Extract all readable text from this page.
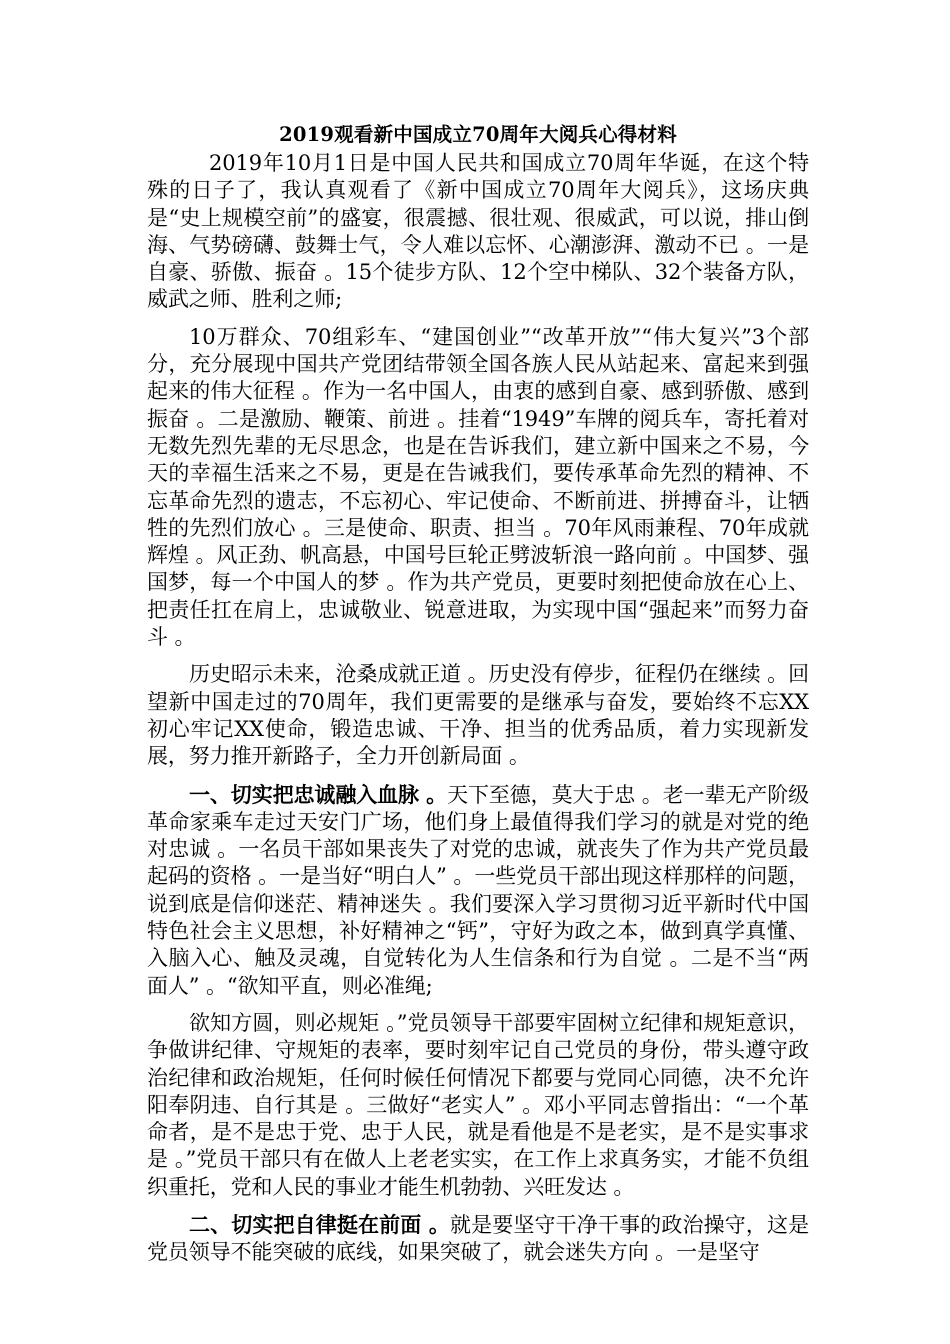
2019观看新中国成立70周年大阅兵心得材料

2019年10月1日是中国人民共和国成立70周年华诞，在这个特殊的日子了，我认真观看了《新中国成立70周年大阅兵》，这场庆典是“史上规模空前”的盛宴，很震撼、很壮观、很威武，可以说，排山倒海、气势磅礴、鼓舞士气，令人难以忘怀、心潮澎湃、激动不已 。一是自豪、骄傲、振奋 。15个徒步方队、12个空中梯队、32个装备方队，威武之师、胜利之师;

10万群众、70组彩车、“建国创业”“改革开放”“伟大复兴”3个部分，充分展现中国共产党团结带领全国各族人民从站起来、富起来到强起来的伟大征程 。作为一名中国人，由衷的感到自豪、感到骄傲、感到振奋 。二是激励、鞭策、前进 。挂着“1949”车牌的阅兵车，寄托着对无数先烈先辈的无尽思念，也是在告诉我们，建立新中国来之不易，今天的幸福生活来之不易，更是在告诫我们，要传承革命先烈的精神、不忘革命先烈的遗志，不忘初心、牢记使命、不断前进、拼搏奋斗，让牺牲的先烈们放心 。三是使命、职责、担当 。70年风雨兼程、70年成就辉煌 。风正劲、帆高悬，中国号巨轮正劈波斩浪一路向前 。中国梦、强国梦，每一个中国人的梦 。作为共产党员，更要时刻把使命放在心上、把责任扛在肩上，忠诚敬业、锐意进取，为实现中国“强起来”而努力奋斗 。

历史昭示未来，沧桑成就正道 。历史没有停步，征程仍在继续 。回望新中国走过的70周年，我们更需要的是继承与奋发，要始终不忘XX初心牢记XX使命，锻造忠诚、干净、担当的优秀品质，着力实现新发展，努力推开新路子，全力开创新局面 。

一、切实把忠诚融入血脉 。天下至德，莫大于忠 。老一辈无产阶级革命家乘车走过天安门广场，他们身上最值得我们学习的就是对党的绝对忠诚 。一名员干部如果丧失了对党的忠诚，就丧失了作为共产党员最起码的资格 。一是当好“明白人” 。一些党员干部出现这样那样的问题，说到底是信仰迷茫、精神迷失 。我们要深入学习贯彻习近平新时代中国特色社会主义思想，补好精神之“钙”，守好为政之本，做到真学真懂、入脑入心、触及灵魂，自觉转化为人生信条和行为自觉 。二是不当“两面人” 。“欲知平直，则必准绳;

欲知方圆，则必规矩 。”党员领导干部要牢固树立纪律和规矩意识，争做讲纪律、守规矩的表率，要时刻牢记自己党员的身份，带头遵守政治纪律和政治规矩，任何时候任何情况下都要与党同心同德，决不允许阳奉阴违、自行其是 。三做好“老实人” 。邓小平同志曾指出：“一个革命者，是不是忠于党、忠于人民，就是看他是不是老实，是不是实事求是 。”党员干部只有在做人上老老实实，在工作上求真务实，才能不负组织重托，党和人民的事业才能生机勃勃、兴旺发达 。

二、切实把自律挺在前面 。就是要坚守干净干事的政治操守，这是党员领导不能突破的底线，如果突破了，就会迷失方向 。一是坚守
